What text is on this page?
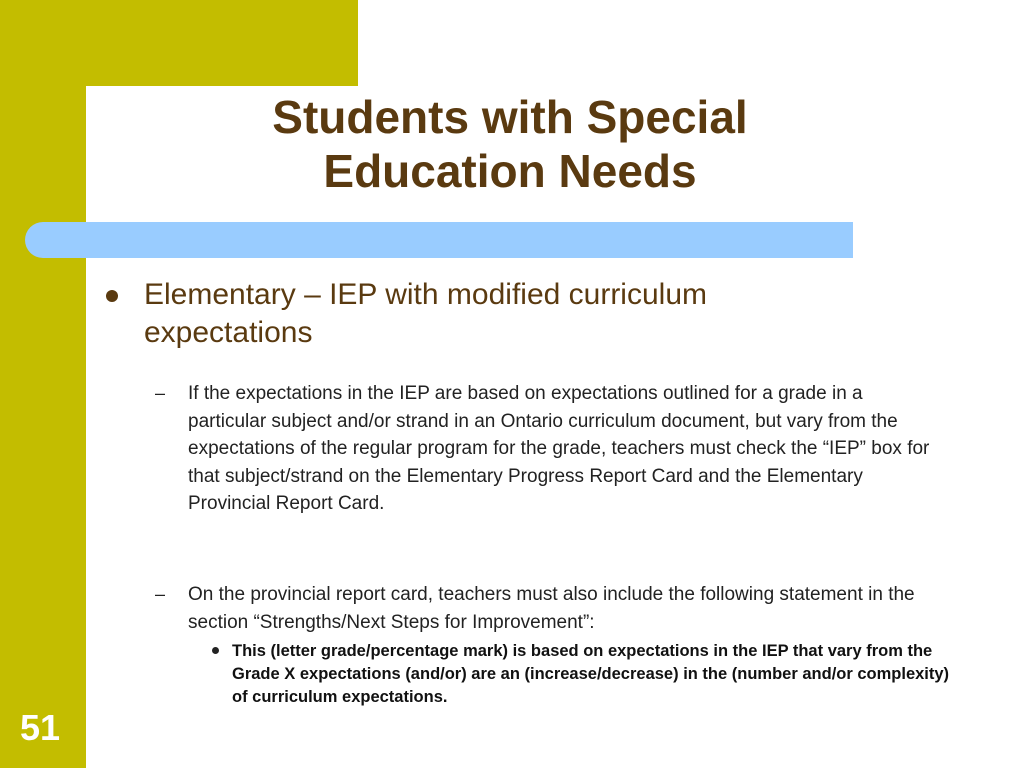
Students with Special
Education Needs
Elementary – IEP with modified curriculum expectations
– If the expectations in the IEP are based on expectations outlined for a grade in a particular subject and/or strand in an Ontario curriculum document, but vary from the expectations of the regular program for the grade, teachers must check the “IEP” box for that subject/strand on the Elementary Progress Report Card and the Elementary Provincial Report Card.
– On the provincial report card, teachers must also include the following statement in the section “Strengths/Next Steps for Improvement”:
This (letter grade/percentage mark) is based on expectations in the IEP that vary from the Grade X expectations (and/or) are an (increase/decrease) in the (number and/or complexity) of curriculum expectations.
51
